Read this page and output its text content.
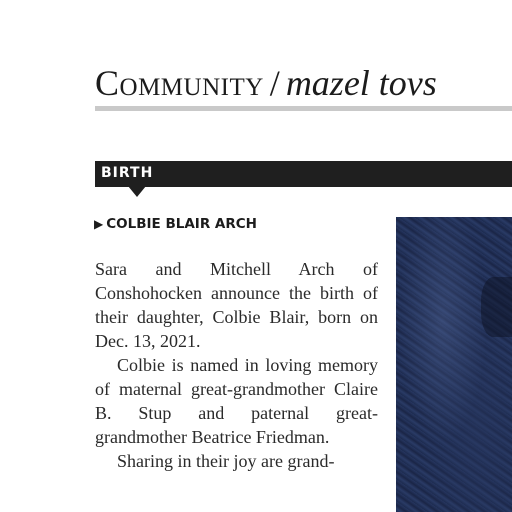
Community / mazel tovs
BIRTH
▶ COLBIE BLAIR ARCH

Sara and Mitchell Arch of Conshohocken announce the birth of their daughter, Colbie Blair, born on Dec. 13, 2021.

Colbie is named in loving memory of maternal great-grandmother Claire B. Stup and paternal great-grandmother Beatrice Friedman.

Sharing in their joy are grand-
